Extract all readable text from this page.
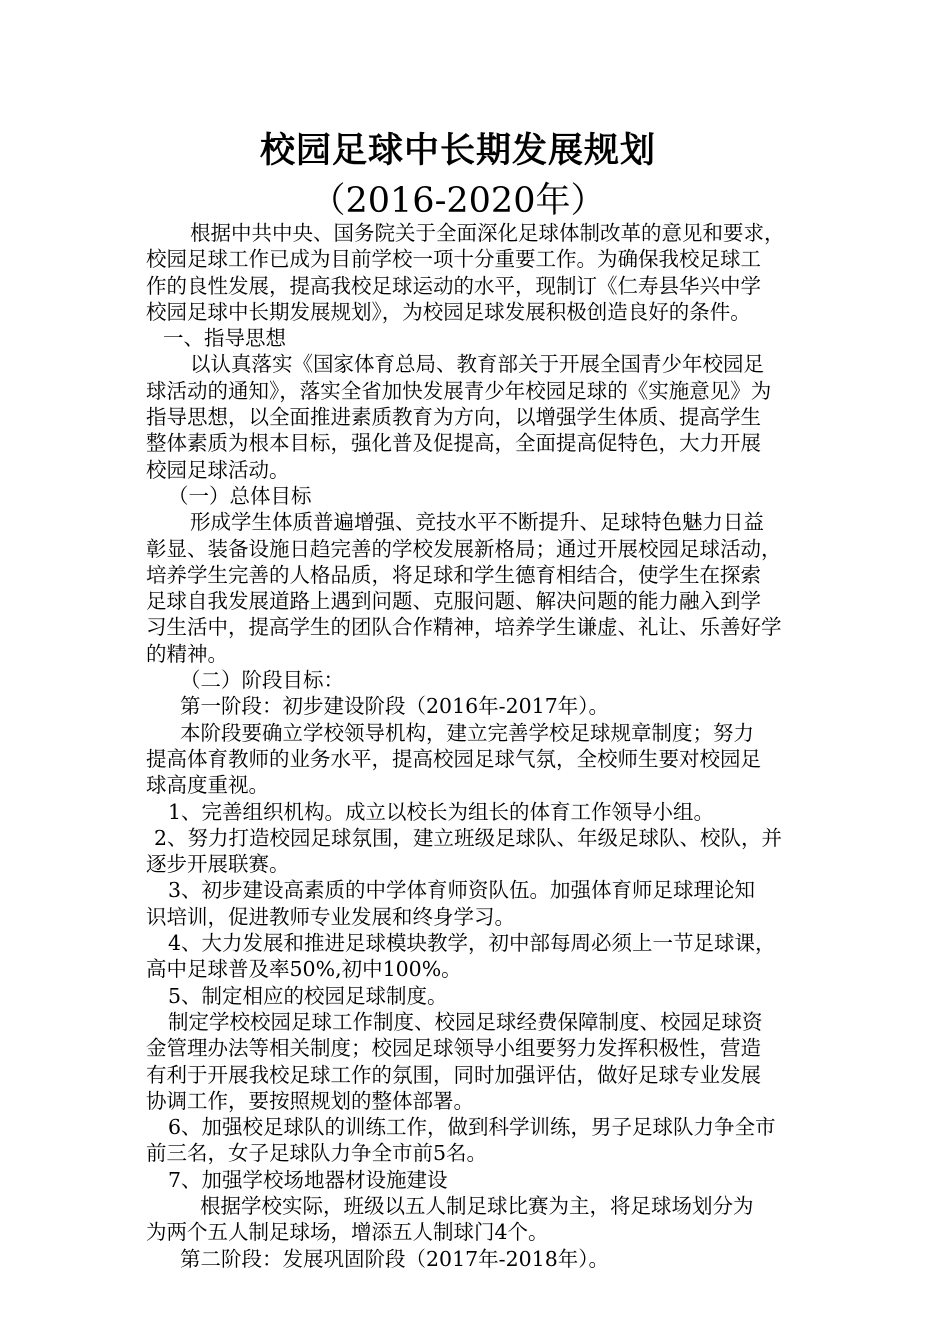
校园足球中长期发展规划
（2016-2020年）

根据中共中央、国务院关于全面深化足球体制改革的意见和要求，

校园足球工作已成为目前学校一项十分重要工作。为确保我校足球工

作的良性发展，提高我校足球运动的水平，现制订《仁寿县华兴中学

校园足球中长期发展规划》，为校园足球发展积极创造良好的条件。

一、指导思想

以认真落实《国家体育总局、教育部关于开展全国青少年校园足

球活动的通知》，落实全省加快发展青少年校园足球的《实施意见》为

指导思想，以全面推进素质教育为方向，以增强学生体质、提高学生

整体素质为根本目标，强化普及促提高，全面提高促特色，大力开展

校园足球活动。

（一）总体目标

形成学生体质普遍增强、竞技水平不断提升、足球特色魅力日益

彰显、装备设施日趋完善的学校发展新格局；通过开展校园足球活动，

培养学生完善的人格品质，将足球和学生德育相结合，使学生在探索

足球自我发展道路上遇到问题、克服问题、解决问题的能力融入到学

习生活中，提高学生的团队合作精神，培养学生谦虚、礼让、乐善好学

的精神。

（二）阶段目标：

第一阶段：初步建设阶段（2016年-2017年）。

本阶段要确立学校领导机构，建立完善学校足球规章制度；努力

提高体育教师的业务水平，提高校园足球气氛，全校师生要对校园足

球高度重视。

1、完善组织机构。成立以校长为组长的体育工作领导小组。

2、努力打造校园足球氛围，建立班级足球队、年级足球队、校队，并

逐步开展联赛。

3、初步建设高素质的中学体育师资队伍。加强体育师足球理论知

识培训，促进教师专业发展和终身学习。

4、大力发展和推进足球模块教学，初中部每周必须上一节足球课，

高中足球普及率50%,初中100%。

5、制定相应的校园足球制度。

制定学校校园足球工作制度、校园足球经费保障制度、校园足球资

金管理办法等相关制度；校园足球领导小组要努力发挥积极性，营造

有利于开展我校足球工作的氛围，同时加强评估，做好足球专业发展

协调工作，要按照规划的整体部署。

6、加强校足球队的训练工作，做到科学训练，男子足球队力争全市

前三名，女子足球队力争全市前5名。

7、加强学校场地器材设施建设

根据学校实际，班级以五人制足球比赛为主，将足球场划分为

为两个五人制足球场，增添五人制球门4个。

第二阶段：发展巩固阶段（2017年-2018年）。
